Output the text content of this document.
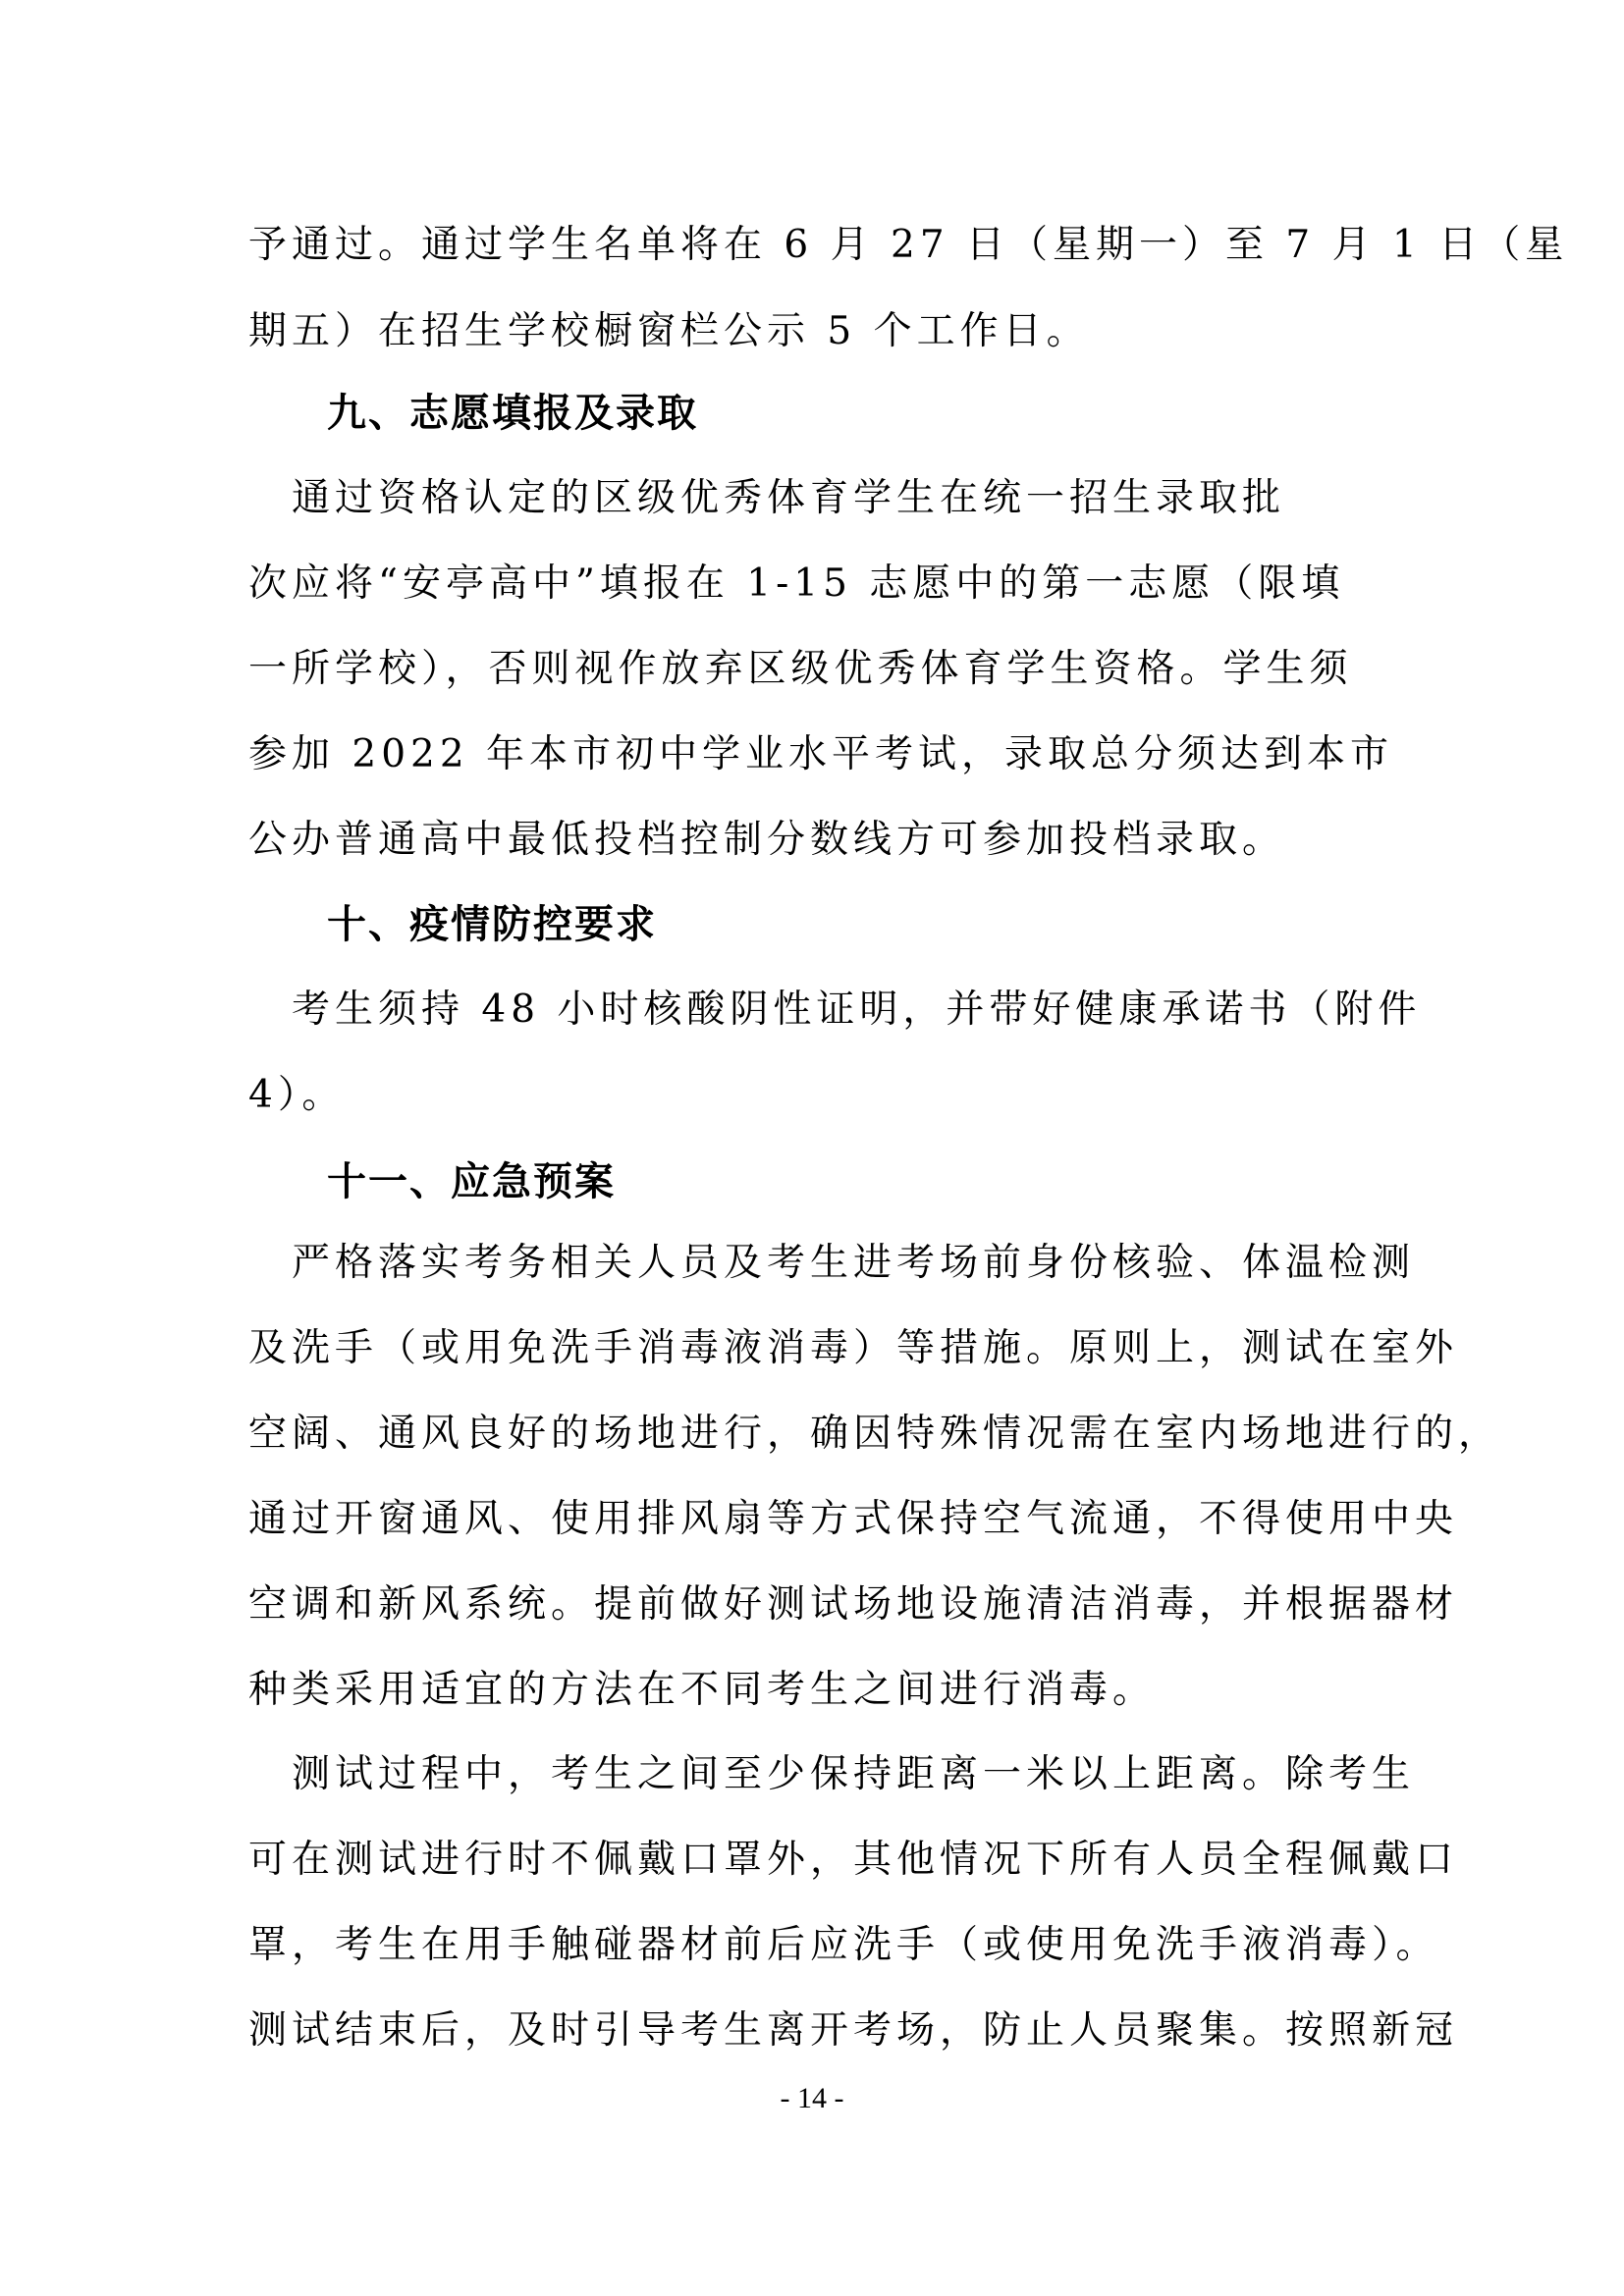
予通过。通过学生名单将在 6 月 27 日（星期一）至 7 月 1 日（星
期五）在招生学校橱窗栏公示 5 个工作日。
九、志愿填报及录取
　通过资格认定的区级优秀体育学生在统一招生录取批
次应将“安亭高中”填报在 1-15 志愿中的第一志愿（限填
一所学校），否则视作放弃区级优秀体育学生资格。学生须
参加 2022 年本市初中学业水平考试，录取总分须达到本市
公办普通高中最低投档控制分数线方可参加投档录取。
十、疫情防控要求
　考生须持 48 小时核酸阴性证明，并带好健康承诺书（附件
4）。
十一、应急预案
　严格落实考务相关人员及考生进考场前身份核验、体温检测
及洗手（或用免洗手消毒液消毒）等措施。原则上，测试在室外
空阔、通风良好的场地进行，确因特殊情况需在室内场地进行的，
通过开窗通风、使用排风扇等方式保持空气流通，不得使用中央
空调和新风系统。提前做好测试场地设施清洁消毒，并根据器材
种类采用适宜的方法在不同考生之间进行消毒。
　测试过程中，考生之间至少保持距离一米以上距离。除考生
可在测试进行时不佩戴口罩外，其他情况下所有人员全程佩戴口
罩，考生在用手触碰器材前后应洗手（或使用免洗手液消毒）。
测试结束后，及时引导考生离开考场，防止人员聚集。按照新冠
- 14 -
